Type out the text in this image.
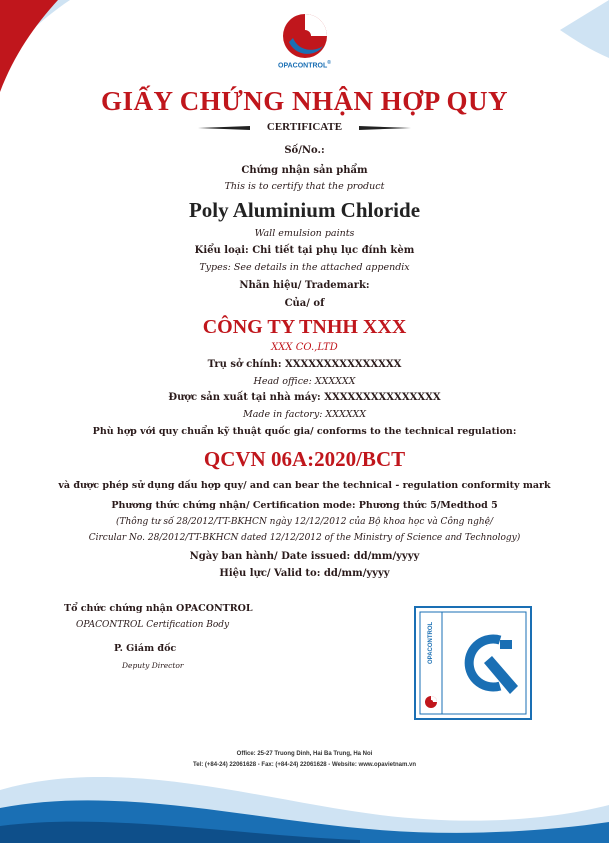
OPACONTROL®
GIẤY CHỨNG NHẬN HỢP QUY
CERTIFICATE
Số/No.:
Chứng nhận sản phẩm
This is to certify that the product
Poly Aluminium Chloride
Wall emulsion paints
Kiểu loại: Chi tiết tại phụ lục đính kèm
Types: See details in the attached appendix
Nhãn hiệu/ Trademark:
Của/ of
CÔNG TY TNHH XXX
XXX CO.,LTD
Trụ sở chính: XXXXXXXXXXXXXXX
Head office: XXXXXX
Được sản xuất tại nhà máy: XXXXXXXXXXXXXXX
Made in factory: XXXXXX
Phù hợp với quy chuẩn kỹ thuật quốc gia/ conforms to the technical regulation:
QCVN 06A:2020/BCT
và được phép sử dụng dấu hợp quy/ and can bear the technical - regulation conformity mark
Phương thức chứng nhận/ Certification mode: Phương thức 5/Medthod 5
(Thông tư số 28/2012/TT-BKHCN ngày 12/12/2012 của Bộ khoa học và Công nghệ/
Circular No. 28/2012/TT-BKHCN dated 12/12/2012 of the Ministry of Science and Technology)
Ngày ban hành/ Date issued: dd/mm/yyyy
Hiệu lực/ Valid to: dd/mm/yyyy
Tổ chức chứng nhận OPACONTROL
OPACONTROL Certification Body
P. Giám đốc
Deputy Director
OPACONTROL
Office: 25-27 Truong Dinh, Hai Ba Trung, Ha Noi
Tel: (+84-24) 22061628 - Fax: (+84-24) 22061628 - Website: www.opavietnam.vn
